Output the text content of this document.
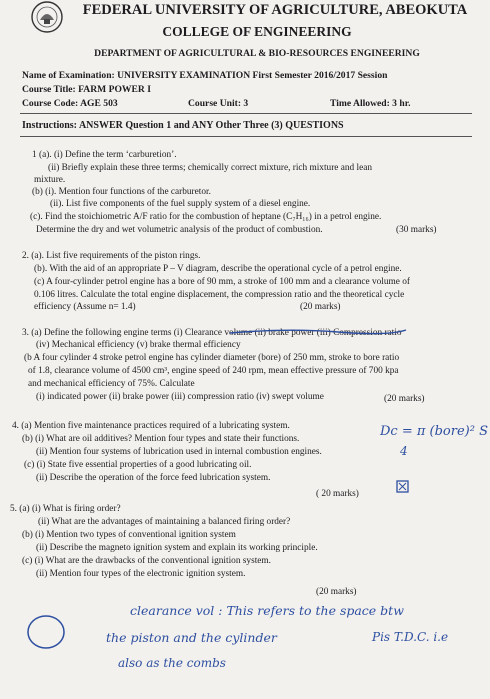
FEDERAL UNIVERSITY OF AGRICULTURE, ABEOKUTA
COLLEGE OF ENGINEERING
DEPARTMENT OF AGRICULTURAL & BIO-RESOURCES ENGINEERING
Name of Examination: UNIVERSITY EXAMINATION First Semester 2016/2017 Session
Course Title: FARM POWER I
Course Code: AGE 503	Course Unit: 3	Time Allowed: 3 hr.
Instructions: ANSWER Question 1 and ANY Other Three (3) QUESTIONS
1 (a). (i) Define the term ‘carburetion’.
(ii) Briefly explain these three terms; chemically correct mixture, rich mixture and lean
mixture.
(b) (i). Mention four functions of the carburetor.
(ii). List five components of the fuel supply system of a diesel engine.
(c). Find the stoichiometric A/F ratio for the combustion of heptane (C₇H₁₆) in a petrol engine.
Determine the dry and wet volumetric analysis of the product of combustion.	(30 marks)
2. (a). List five requirements of the piston rings.
(b). With the aid of an appropriate P – V diagram, describe the operational cycle of a petrol engine.
(c) A four-cylinder petrol engine has a bore of 90 mm, a stroke of 100 mm and a clearance volume of
0.106 litres. Calculate the total engine displacement, the compression ratio and the theoretical cycle
efficiency (Assume n= 1.4)	(20 marks)
3. (a) Define the following engine terms (i) Clearance volume (ii) brake power (iii) Compression ratio
(iv) Mechanical efficiency (v) brake thermal efficiency
(b A four cylinder 4 stroke petrol engine has cylinder diameter (bore) of 250 mm, stroke to bore ratio
of 1.8, clearance volume of 4500 cm³, engine speed of 240 rpm, mean effective pressure of 700 kpa
and mechanical efficiency of 75%. Calculate
(i) indicated power (ii) brake power (iii) compression ratio (iv) swept volume	(20 marks)
4. (a) Mention five maintenance practices required of a lubricating system.
(b) (i) What are oil additives? Mention four types and state their functions.
(ii) Mention four systems of lubrication used in internal combustion engines.
(c) (i) State five essential properties of a good lubricating oil.
(ii) Describe the operation of the force feed lubrication system.
( 20 marks)
5. (a) (i) What is firing order?
(ii) What are the advantages of maintaining a balanced firing order?
(b) (i) Mention two types of conventional ignition system
(ii) Describe the magneto ignition system and explain its working principle.
(c) (i) What are the drawbacks of the conventional ignition system.
(ii) Mention four types of the electronic ignition system.
(20 marks)
Dc = π (bore)² S
4
clearance vol : This refers to the space btw
the piston and the cylinder	Pis T.D.C. i.e
also as the combs
